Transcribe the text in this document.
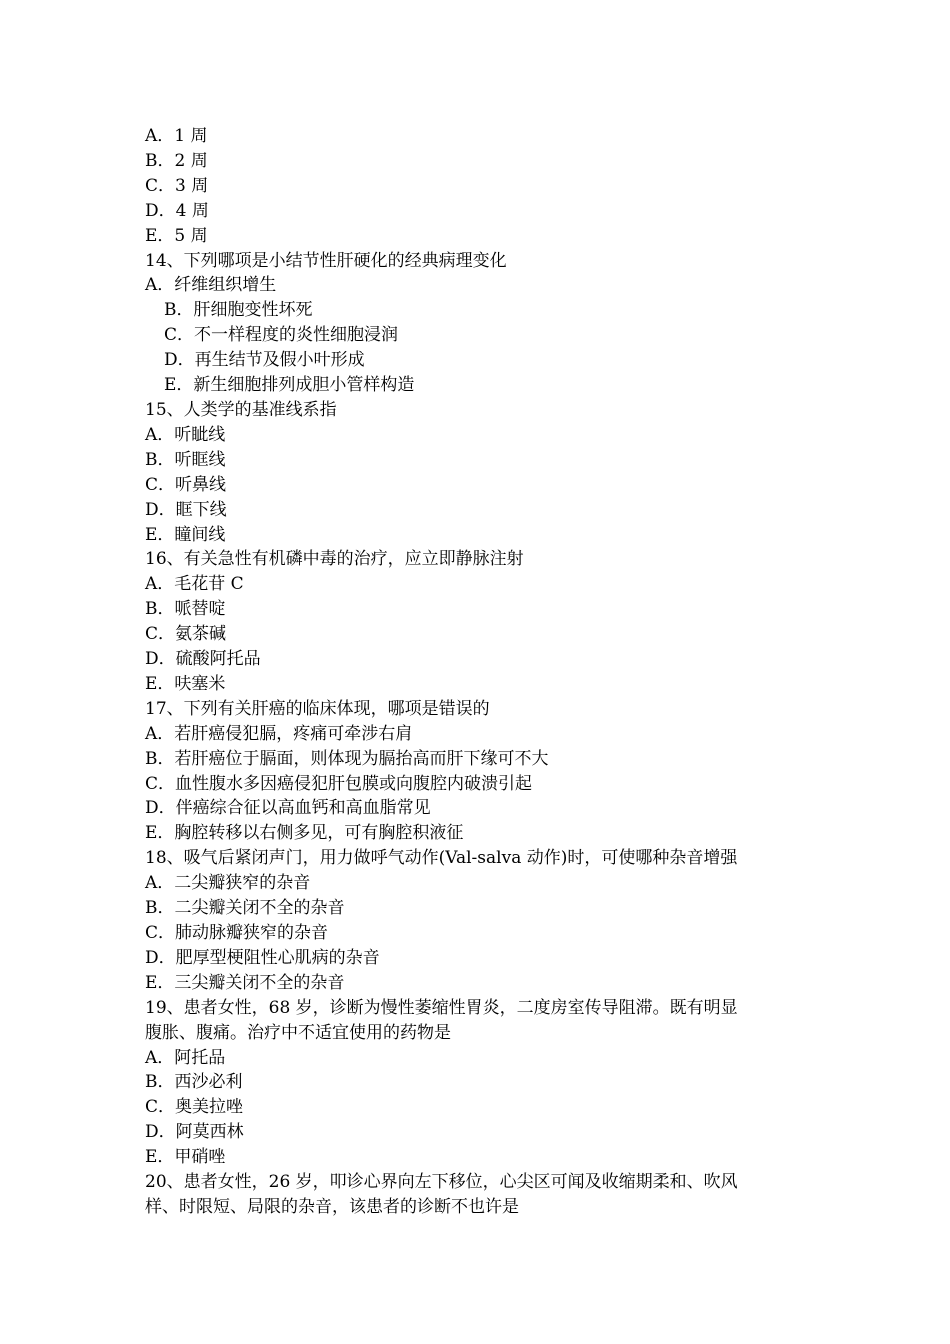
A．1 周
B．2 周
C．3 周
D．4 周
E．5 周
14、下列哪项是小结节性肝硬化的经典病理变化
A．纤维组织增生
B．肝细胞变性坏死
C．不一样程度的炎性细胞浸润
D．再生结节及假小叶形成
E．新生细胞排列成胆小管样构造
15、人类学的基准线系指
A．听眦线
B．听眶线
C．听鼻线
D．眶下线
E．瞳间线
16、有关急性有机磷中毒的治疗，应立即静脉注射
A．毛花苷 C
B．哌替啶
C．氨茶碱
D．硫酸阿托品
E．呋塞米
17、下列有关肝癌的临床体现，哪项是错误的
A．若肝癌侵犯膈，疼痛可牵涉右肩
B．若肝癌位于膈面，则体现为膈抬高而肝下缘可不大
C．血性腹水多因癌侵犯肝包膜或向腹腔内破溃引起
D．伴癌综合征以高血钙和高血脂常见
E．胸腔转移以右侧多见，可有胸腔积液征
18、吸气后紧闭声门，用力做呼气动作(Val-salva 动作)时，可使哪种杂音增强
A．二尖瓣狭窄的杂音
B．二尖瓣关闭不全的杂音
C．肺动脉瓣狭窄的杂音
D．肥厚型梗阻性心肌病的杂音
E．三尖瓣关闭不全的杂音
19、患者女性，68 岁，诊断为慢性萎缩性胃炎，二度房室传导阻滞。既有明显
腹胀、腹痛。治疗中不适宜使用的药物是
A．阿托品
B．西沙必利
C．奥美拉唑
D．阿莫西林
E．甲硝唑
20、患者女性，26 岁，叩诊心界向左下移位，心尖区可闻及收缩期柔和、吹风
样、时限短、局限的杂音，该患者的诊断不也许是
